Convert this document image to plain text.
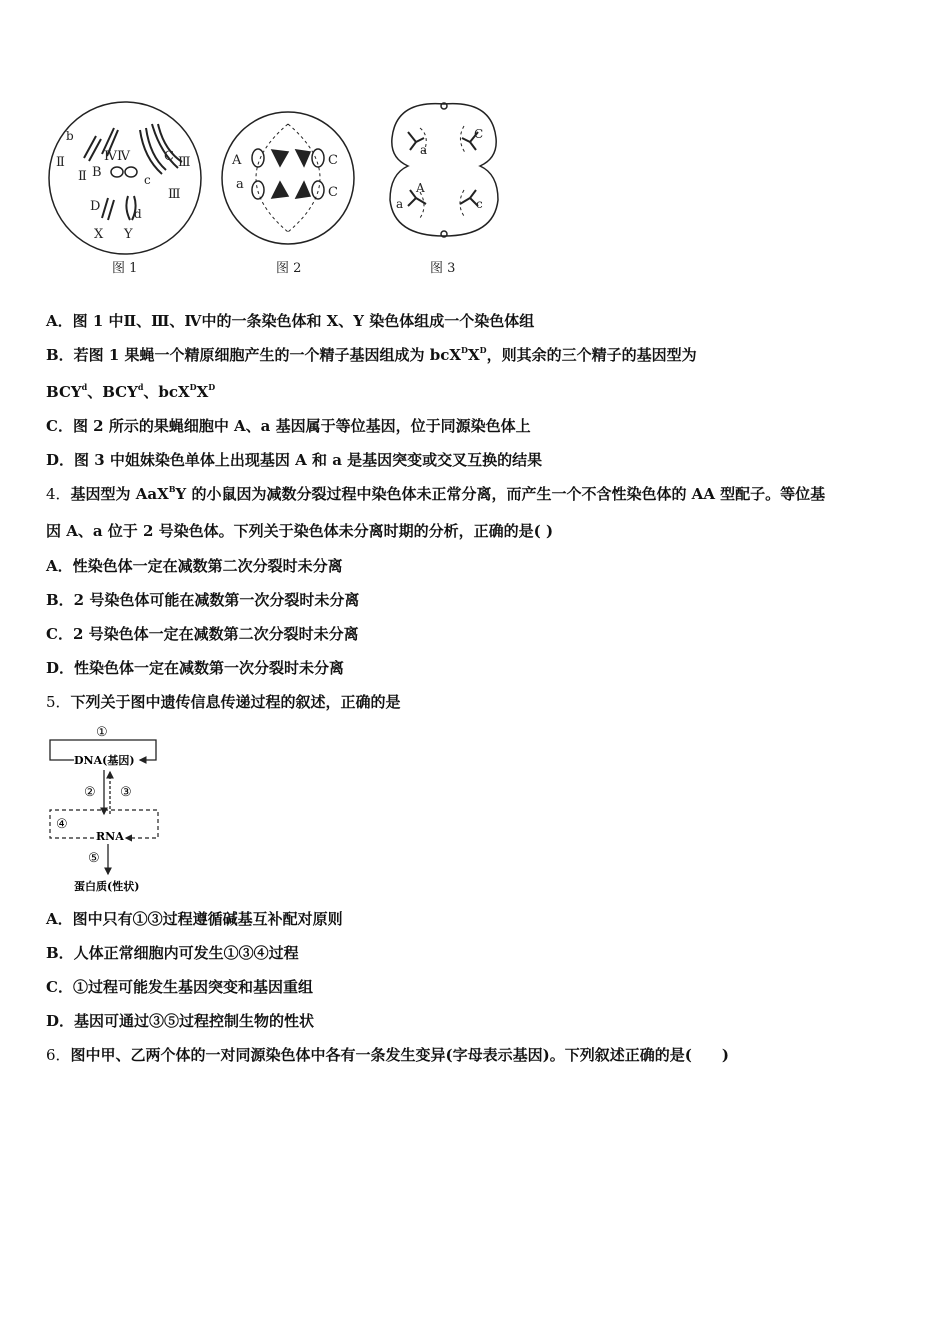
b
Ⅱ
Ⅱ
ⅣⅣ
B
C
c
Ⅲ
Ⅲ
D	d
X Y
图 1
A
a
C
C
图 2
a
C
A
a	c
图 3
A．图 1 中Ⅱ、Ⅲ、Ⅳ中的一条染色体和 X、Y 染色体组成一个染色体组
B．若图 1 果蝇一个精原细胞产生的一个精子基因组成为 $bcX^DX^D$，则其余的三个精子的基因型为
BCY$^d$、BCY$^d$、$bcX^DX^D$
C．图 2 所示的果蝇细胞中 A、a 基因属于等位基因，位于同源染色体上
D．图 3 中姐妹染色单体上出现基因 A 和 a 是基因突变或交叉互换的结果
4．基因型为 AaX$^B$Y 的小鼠因为减数分裂过程中染色体未正常分离，而产生一个不含性染色体的 AA 型配子。等位基
因 A、a 位于 2 号染色体。下列关于染色体未分离时期的分析，正确的是( )
A．性染色体一定在减数第二次分裂时未分离
B．2 号染色体可能在减数第一次分裂时未分离
C．2 号染色体一定在减数第二次分裂时未分离
D．性染色体一定在减数第一次分裂时未分离
5．下列关于图中遗传信息传递过程的叙述，正确的是
①
DNA(基因)
② ③
④
RNA
⑤
蛋白质(性状)
A．图中只有①③过程遵循碱基互补配对原则
B．人体正常细胞内可发生①③④过程
C．①过程可能发生基因突变和基因重组
D．基因可通过③⑤过程控制生物的性状
6．图中甲、乙两个体的一对同源染色体中各有一条发生变异(字母表示基因)。下列叙述正确的是(　　)
